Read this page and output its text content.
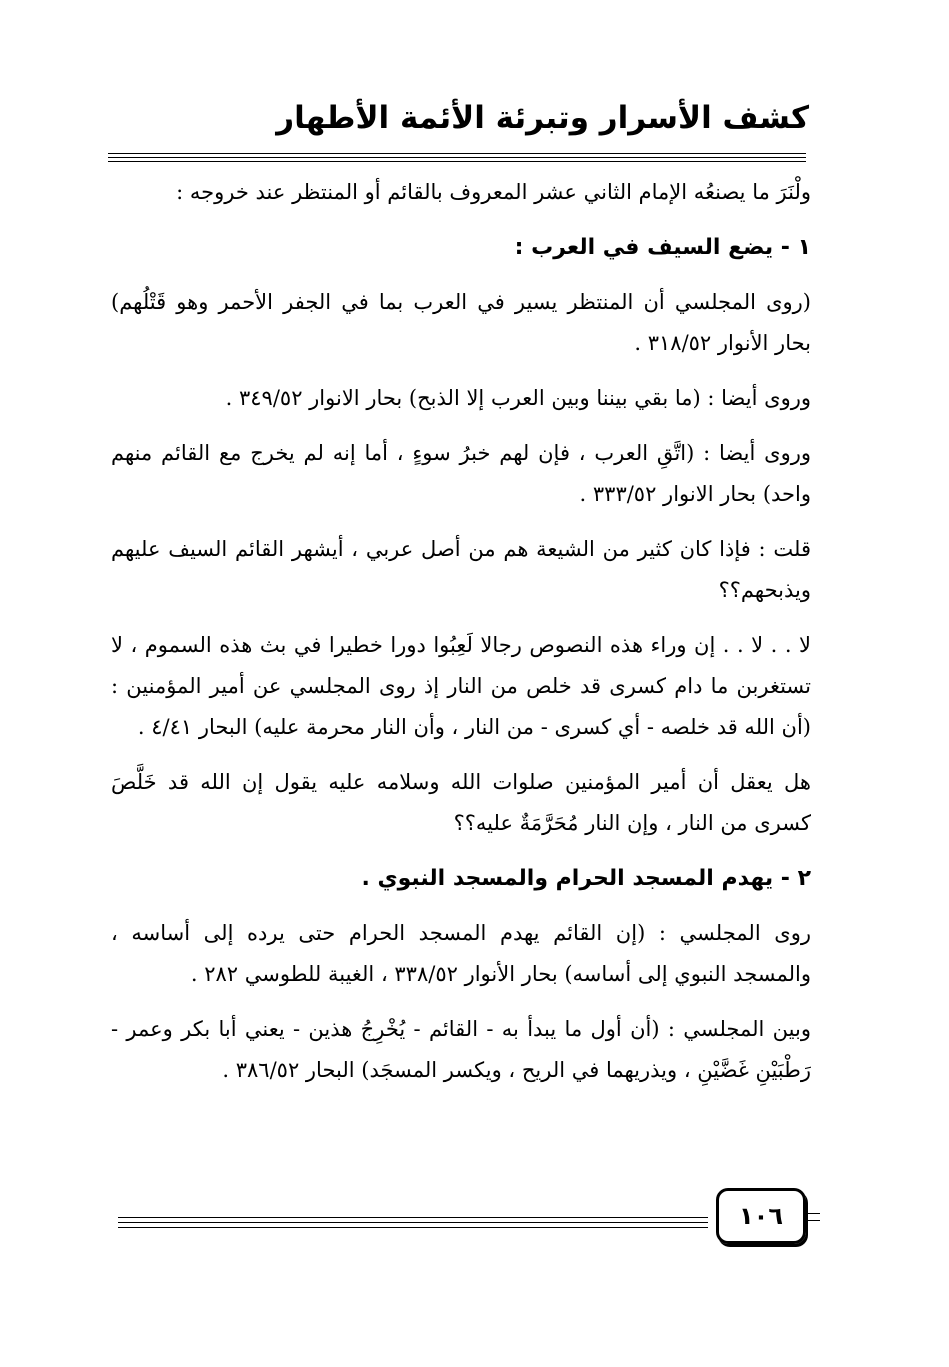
كشف الأسرار وتبرئة الأئمة الأطهار

ولْنَرَ ما يصنعُه الإمام الثاني عشر المعروف بالقائم أو المنتظر عند خروجه :

١ - يضع السيف في العرب :

(روى المجلسي أن المنتظر يسير في العرب بما في الجفر الأحمر وهو قَتْلُهم) بحار الأنوار ٣١٨/٥٢ .

وروى أيضا : (ما بقي بيننا وبين العرب إلا الذبح) بحار الانوار ٣٤٩/٥٢ .

وروى أيضا : (اتَّقِ العرب ، فإن لهم خبرُ سوءٍ ، أما إنه لم يخرج مع القائم منهم واحد) بحار الانوار ٣٣٣/٥٢ .

قلت : فإذا كان كثير من الشيعة هم من أصل عربي ، أيشهر القائم السيف عليهم ويذبحهم؟؟

لا . . لا . . إن وراء هذه النصوص رجالا لَعِبُوا دورا خطيرا في بث هذه السموم ، لا تستغربن ما دام كسرى قد خلص من النار إذ روى المجلسي عن أمير المؤمنين : (أن الله قد خلصه - أي كسرى - من النار ، وأن النار محرمة عليه) البحار ٤/٤١ .

هل يعقل أن أمير المؤمنين صلوات الله وسلامه عليه يقول إن الله قد خَلَّصَ كسرى من النار ، وإن النار مُحَرَّمَةٌ عليه؟؟

٢ - يهدم المسجد الحرام والمسجد النبوي .

روى المجلسي : (إن القائم يهدم المسجد الحرام حتى يرده إلى أساسه ، والمسجد النبوي إلى أساسه) بحار الأنوار ٣٣٨/٥٢ ، الغيبة للطوسي ٢٨٢ .

وبين المجلسي : (أن أول ما يبدأ به - القائم - يُخْرِجُ هذين - يعني أبا بكر وعمر - رَطْبَيْنِ غَضَّيْنِ ، ويذريهما في الريح ، ويكسر المسجَد) البحار ٣٨٦/٥٢ .

١٠٦
